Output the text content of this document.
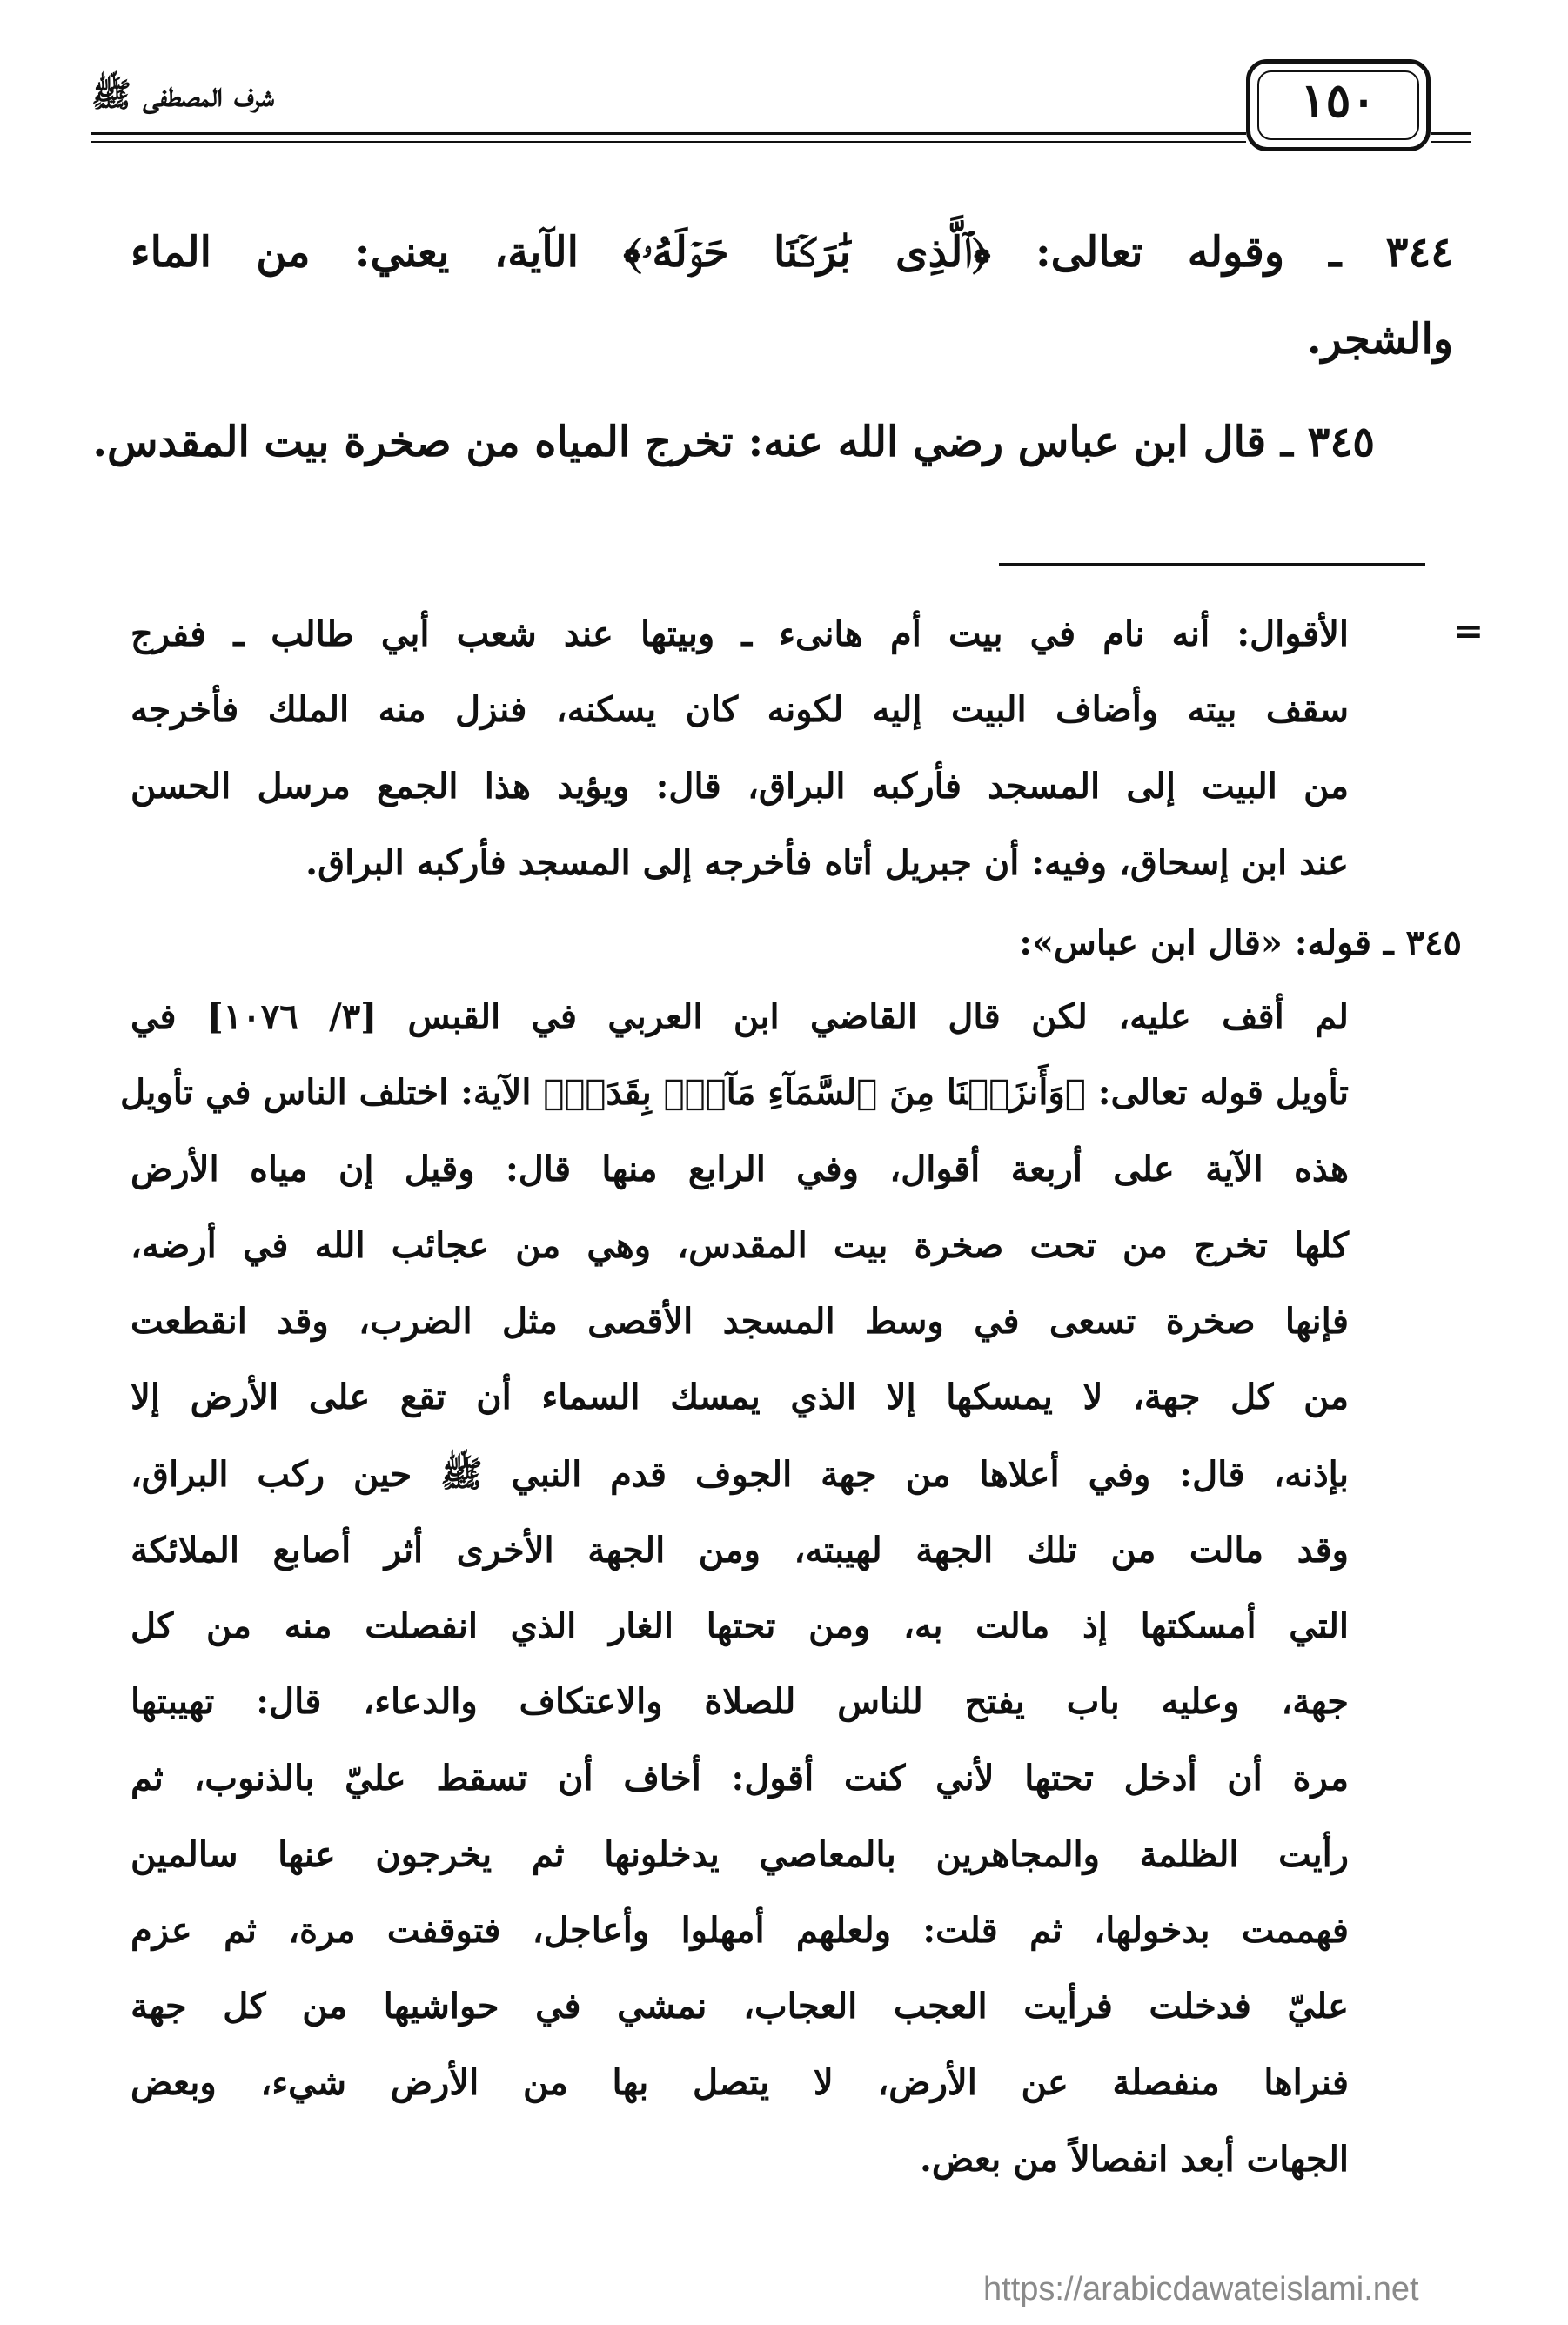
شرف المصطفى ﷺ	١٥٠
٣٤٤ ـ وقوله تعالى: ﴿ٱلَّذِى بَٰرَكۡنَا حَوۡلَهُۥ﴾ الآية، يعني: من الماء
والشجر.
٣٤٥ ـ قال ابن عباس رضي الله عنه: تخرج المياه من صخرة بيت المقدس.
=
الأقوال: أنه نام في بيت أم هانىء ـ وبيتها عند شعب أبي طالب ـ ففرج
سقف بيته وأضاف البيت إليه لكونه كان يسكنه، فنزل منه الملك فأخرجه
من البيت إلى المسجد فأركبه البراق، قال: ويؤيد هذا الجمع مرسل الحسن
عند ابن إسحاق، وفيه: أن جبريل أتاه فأخرجه إلى المسجد فأركبه البراق.
٣٤٥ ـ قوله: «قال ابن عباس»:
لم أقف عليه، لكن قال القاضي ابن العربي في القبس [٣/ ١٠٧٦] في
تأويل قوله تعالى: ﴿وَأَنزَلۡنَا مِنَ ٱلسَّمَآءِ مَآءَۢ بِقَدَرٖ﴾ الآية: اختلف الناس في تأويل
هذه الآية على أربعة أقوال، وفي الرابع منها قال: وقيل إن مياه الأرض
كلها تخرج من تحت صخرة بيت المقدس، وهي من عجائب الله في أرضه،
فإنها صخرة تسعى في وسط المسجد الأقصى مثل الضرب، وقد انقطعت
من كل جهة، لا يمسكها إلا الذي يمسك السماء أن تقع على الأرض إلا
بإذنه، قال: وفي أعلاها من جهة الجوف قدم النبي ﷺ حين ركب البراق،
وقد مالت من تلك الجهة لهيبته، ومن الجهة الأخرى أثر أصابع الملائكة
التي أمسكتها إذ مالت به، ومن تحتها الغار الذي انفصلت منه من كل
جهة، وعليه باب يفتح للناس للصلاة والاعتكاف والدعاء، قال: تهيبتها
مرة أن أدخل تحتها لأني كنت أقول: أخاف أن تسقط عليّ بالذنوب، ثم
رأيت الظلمة والمجاهرين بالمعاصي يدخلونها ثم يخرجون عنها سالمين
فهممت بدخولها، ثم قلت: ولعلهم أمهلوا وأعاجل، فتوقفت مرة، ثم عزم
عليّ فدخلت فرأيت العجب العجاب، نمشي في حواشيها من كل جهة
فنراها منفصلة عن الأرض، لا يتصل بها من الأرض شيء، وبعض
الجهات أبعد انفصالاً من بعض.
https://arabicdawateislami.net
